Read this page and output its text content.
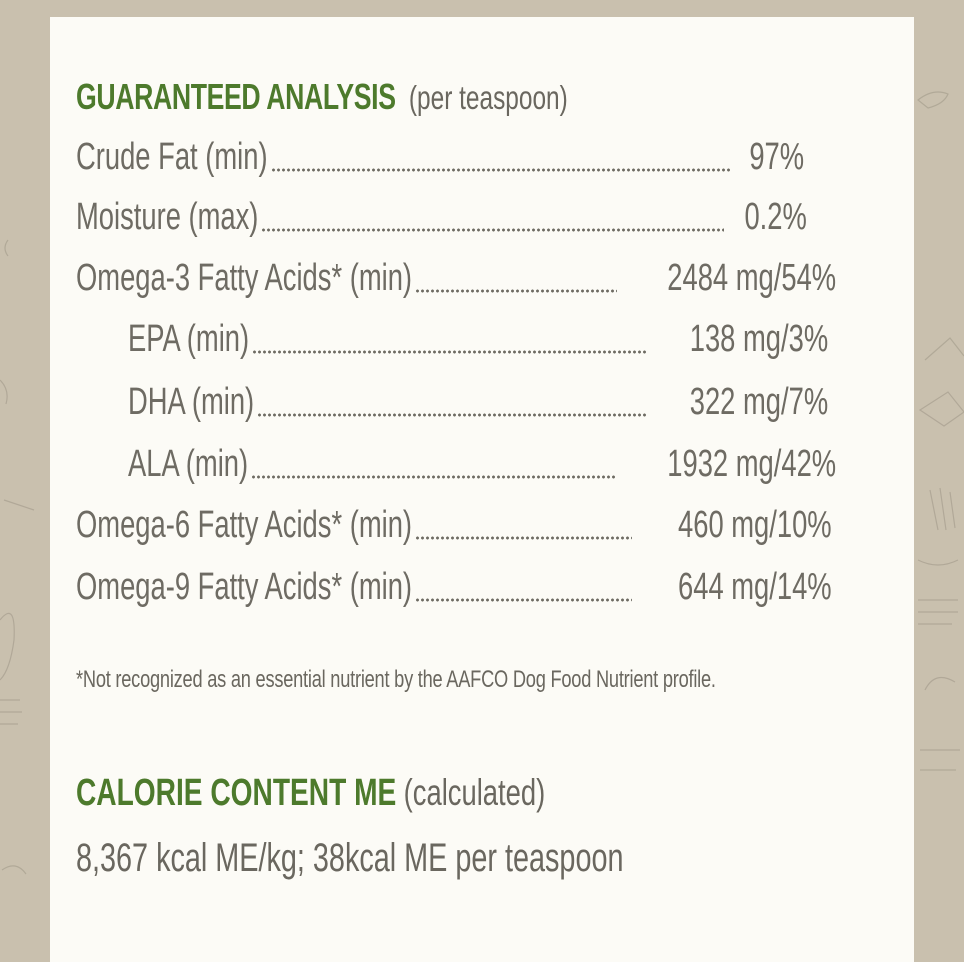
GUARANTEED ANALYSIS (per teaspoon)
Crude Fat (min)	97%
Moisture (max)	0.2%
Omega-3 Fatty Acids* (min)	2484 mg/54%
EPA (min)	138 mg/3%
DHA (min)	322 mg/7%
ALA (min)	1932 mg/42%
Omega-6 Fatty Acids* (min)	460 mg/10%
Omega-9 Fatty Acids* (min)	644 mg/14%
*Not recognized as an essential nutrient by the AAFCO Dog Food Nutrient profile.
CALORIE CONTENT ME (calculated)
8,367 kcal ME/kg; 38kcal ME per teaspoon
